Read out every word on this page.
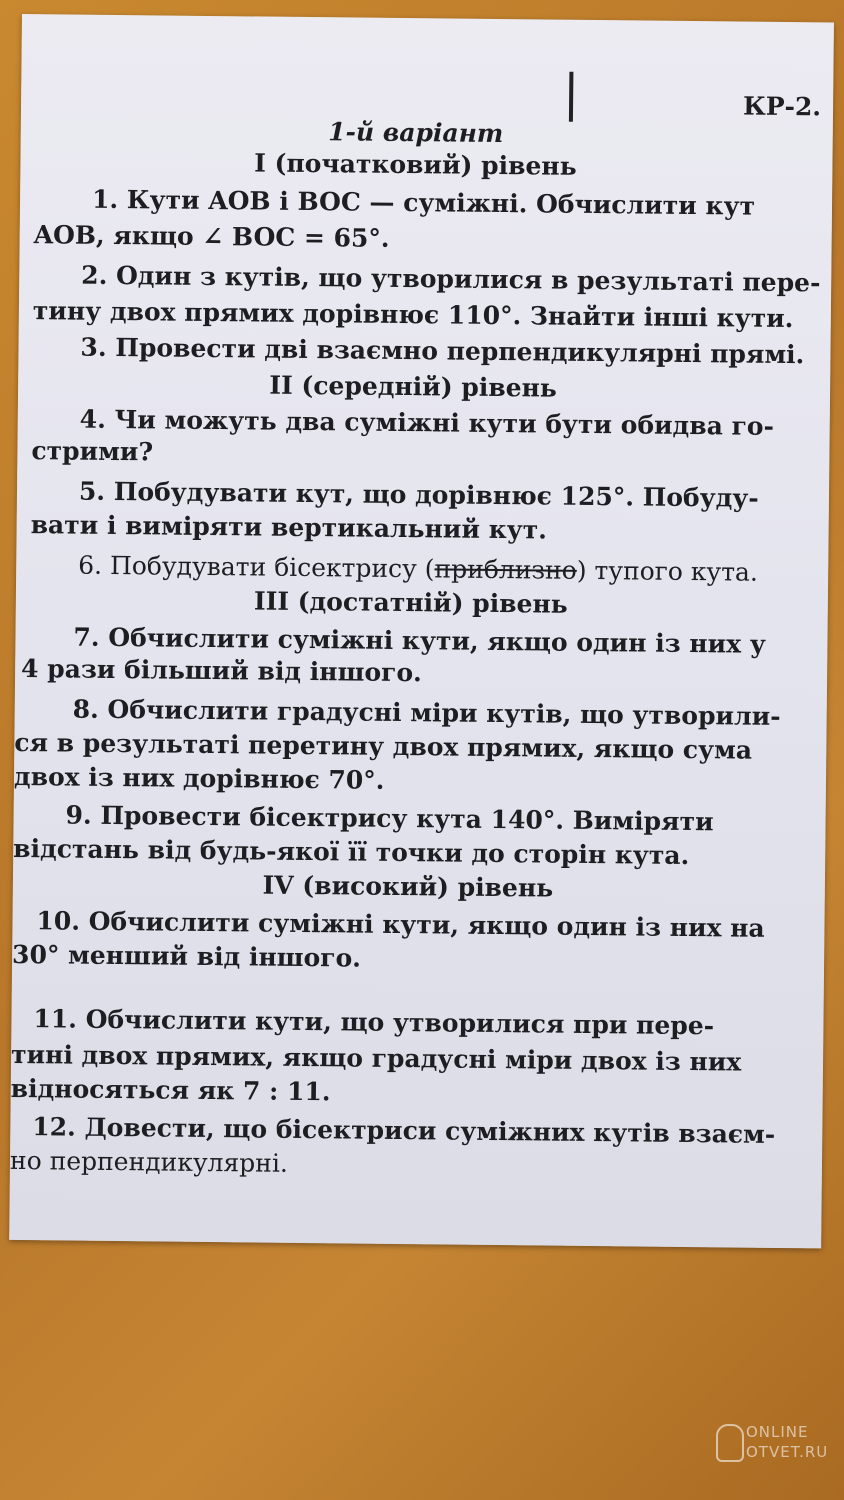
КР-2.

1-й варіант

І (початковий) рівень

1. Кути AOB і BOC — суміжні. Обчислити кут

AOB, якщо ∠ BOC = 65°.

2. Один з кутів, що утворилися в результаті пере-

тину двох прямих дорівнює 110°. Знайти інші кути.

3. Провести дві взаємно перпендикулярні прямі.

ІІ (середній) рівень

4. Чи можуть два суміжні кути бути обидва го-

стрими?

5. Побудувати кут, що дорівнює 125°. Побуду-

вати і виміряти вертикальний кут.

6. Побудувати бісектрису (приблизно) тупого кута.

ІІІ (достатній) рівень

7. Обчислити суміжні кути, якщо один із них у

4 рази більший від іншого.

8. Обчислити градусні міри кутів, що утворили-

ся в результаті перетину двох прямих, якщо сума

двох із них дорівнює 70°.

9. Провести бісектрису кута 140°. Виміряти

відстань від будь-якої її точки до сторін кута.

IV (високий) рівень

10. Обчислити суміжні кути, якщо один із них на

30° менший від іншого.

11. Обчислити кути, що утворилися при пере-

тині двох прямих, якщо градусні міри двох із них

відносяться як 7 : 11.

12. Довести, що бісектриси суміжних кутів взаєм-

но перпендикулярні.

ONLINE
OTVET.RU
